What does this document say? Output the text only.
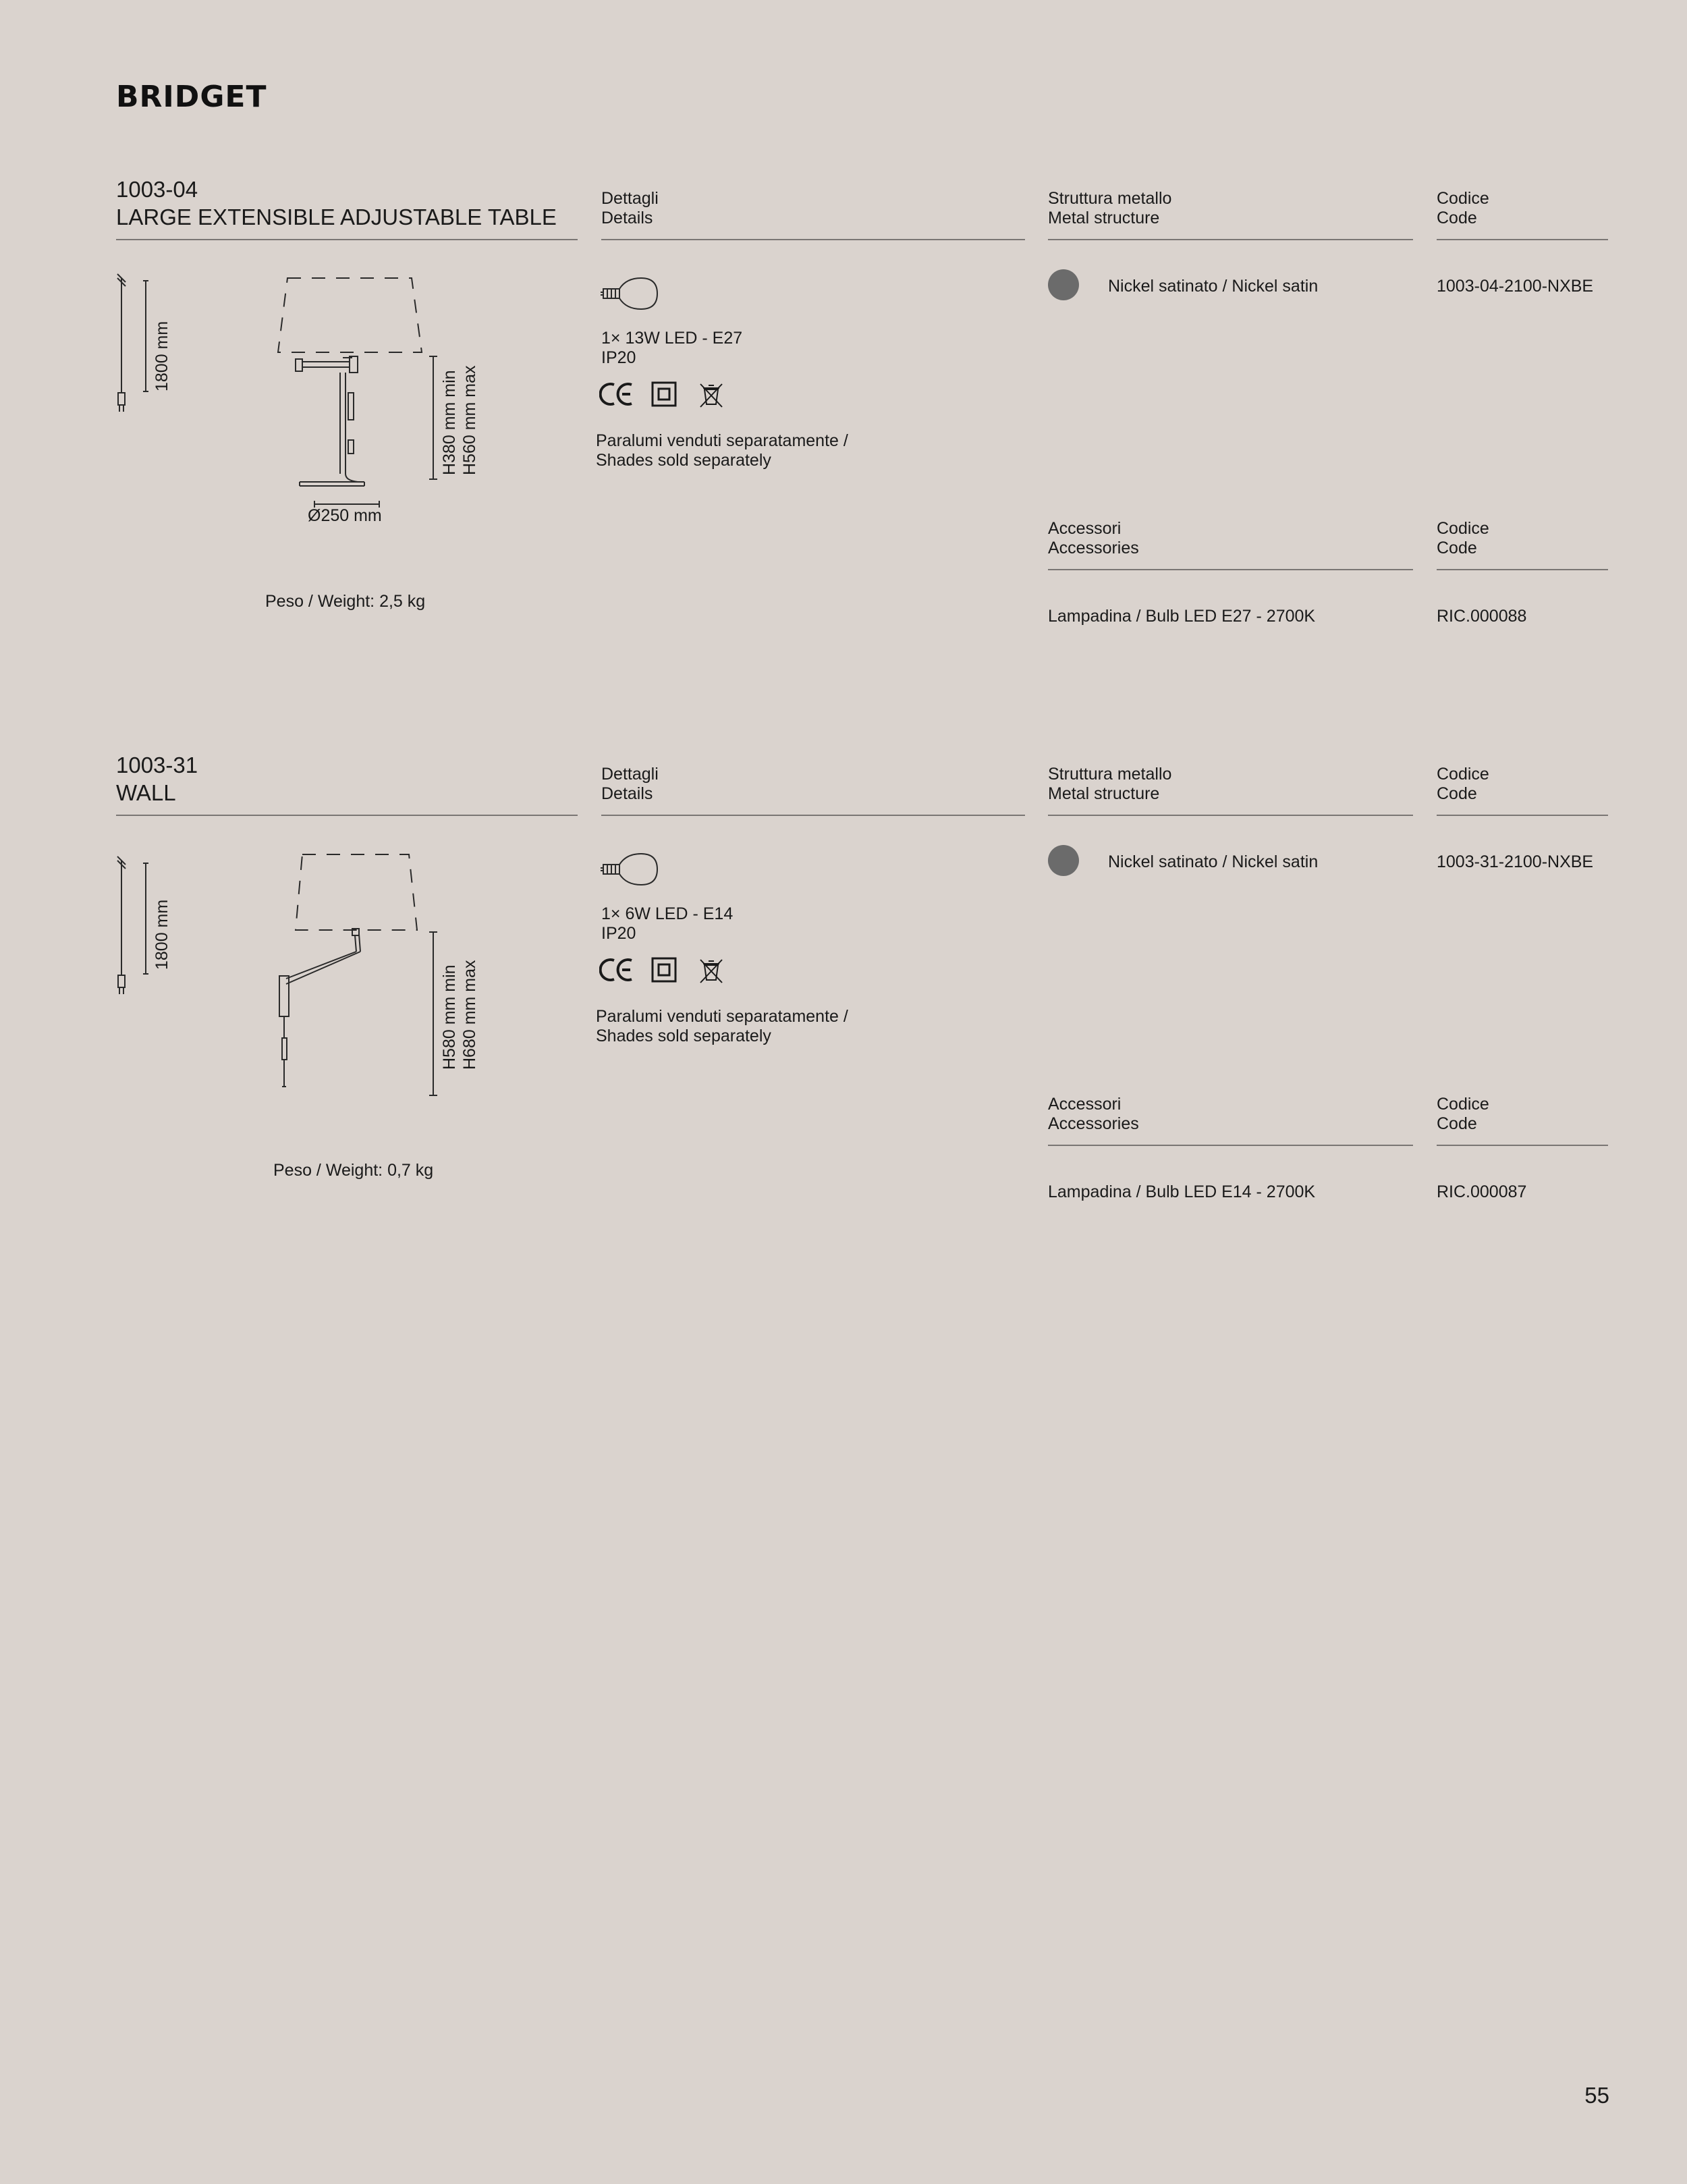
BRIDGET
1003-04
LARGE EXTENSIBLE ADJUSTABLE TABLE
Dettagli
Details
Struttura metallo
Metal structure
Codice
Code
1800 mm
Ø250 mm
H380 mm min H560 mm max
Peso / Weight: 2,5 kg
1× 13W LED - E27
IP20
Paralumi venduti separatamente /
Shades sold separately
Nickel satinato / Nickel satin	1003-04-2100-NXBE
Accessori
Accessories
Codice
Code
Lampadina / Bulb LED E27 - 2700K	RIC.000088
1003-31
WALL
Dettagli
Details
Struttura metallo
Metal structure
Codice
Code
1800 mm
H580 mm min H680 mm max
Peso / Weight: 0,7 kg
1× 6W LED - E14
IP20
Paralumi venduti separatamente /
Shades sold separately
Nickel satinato / Nickel satin	1003-31-2100-NXBE
Accessori
Accessories
Codice
Code
Lampadina / Bulb LED E14 - 2700K	RIC.000087
55
